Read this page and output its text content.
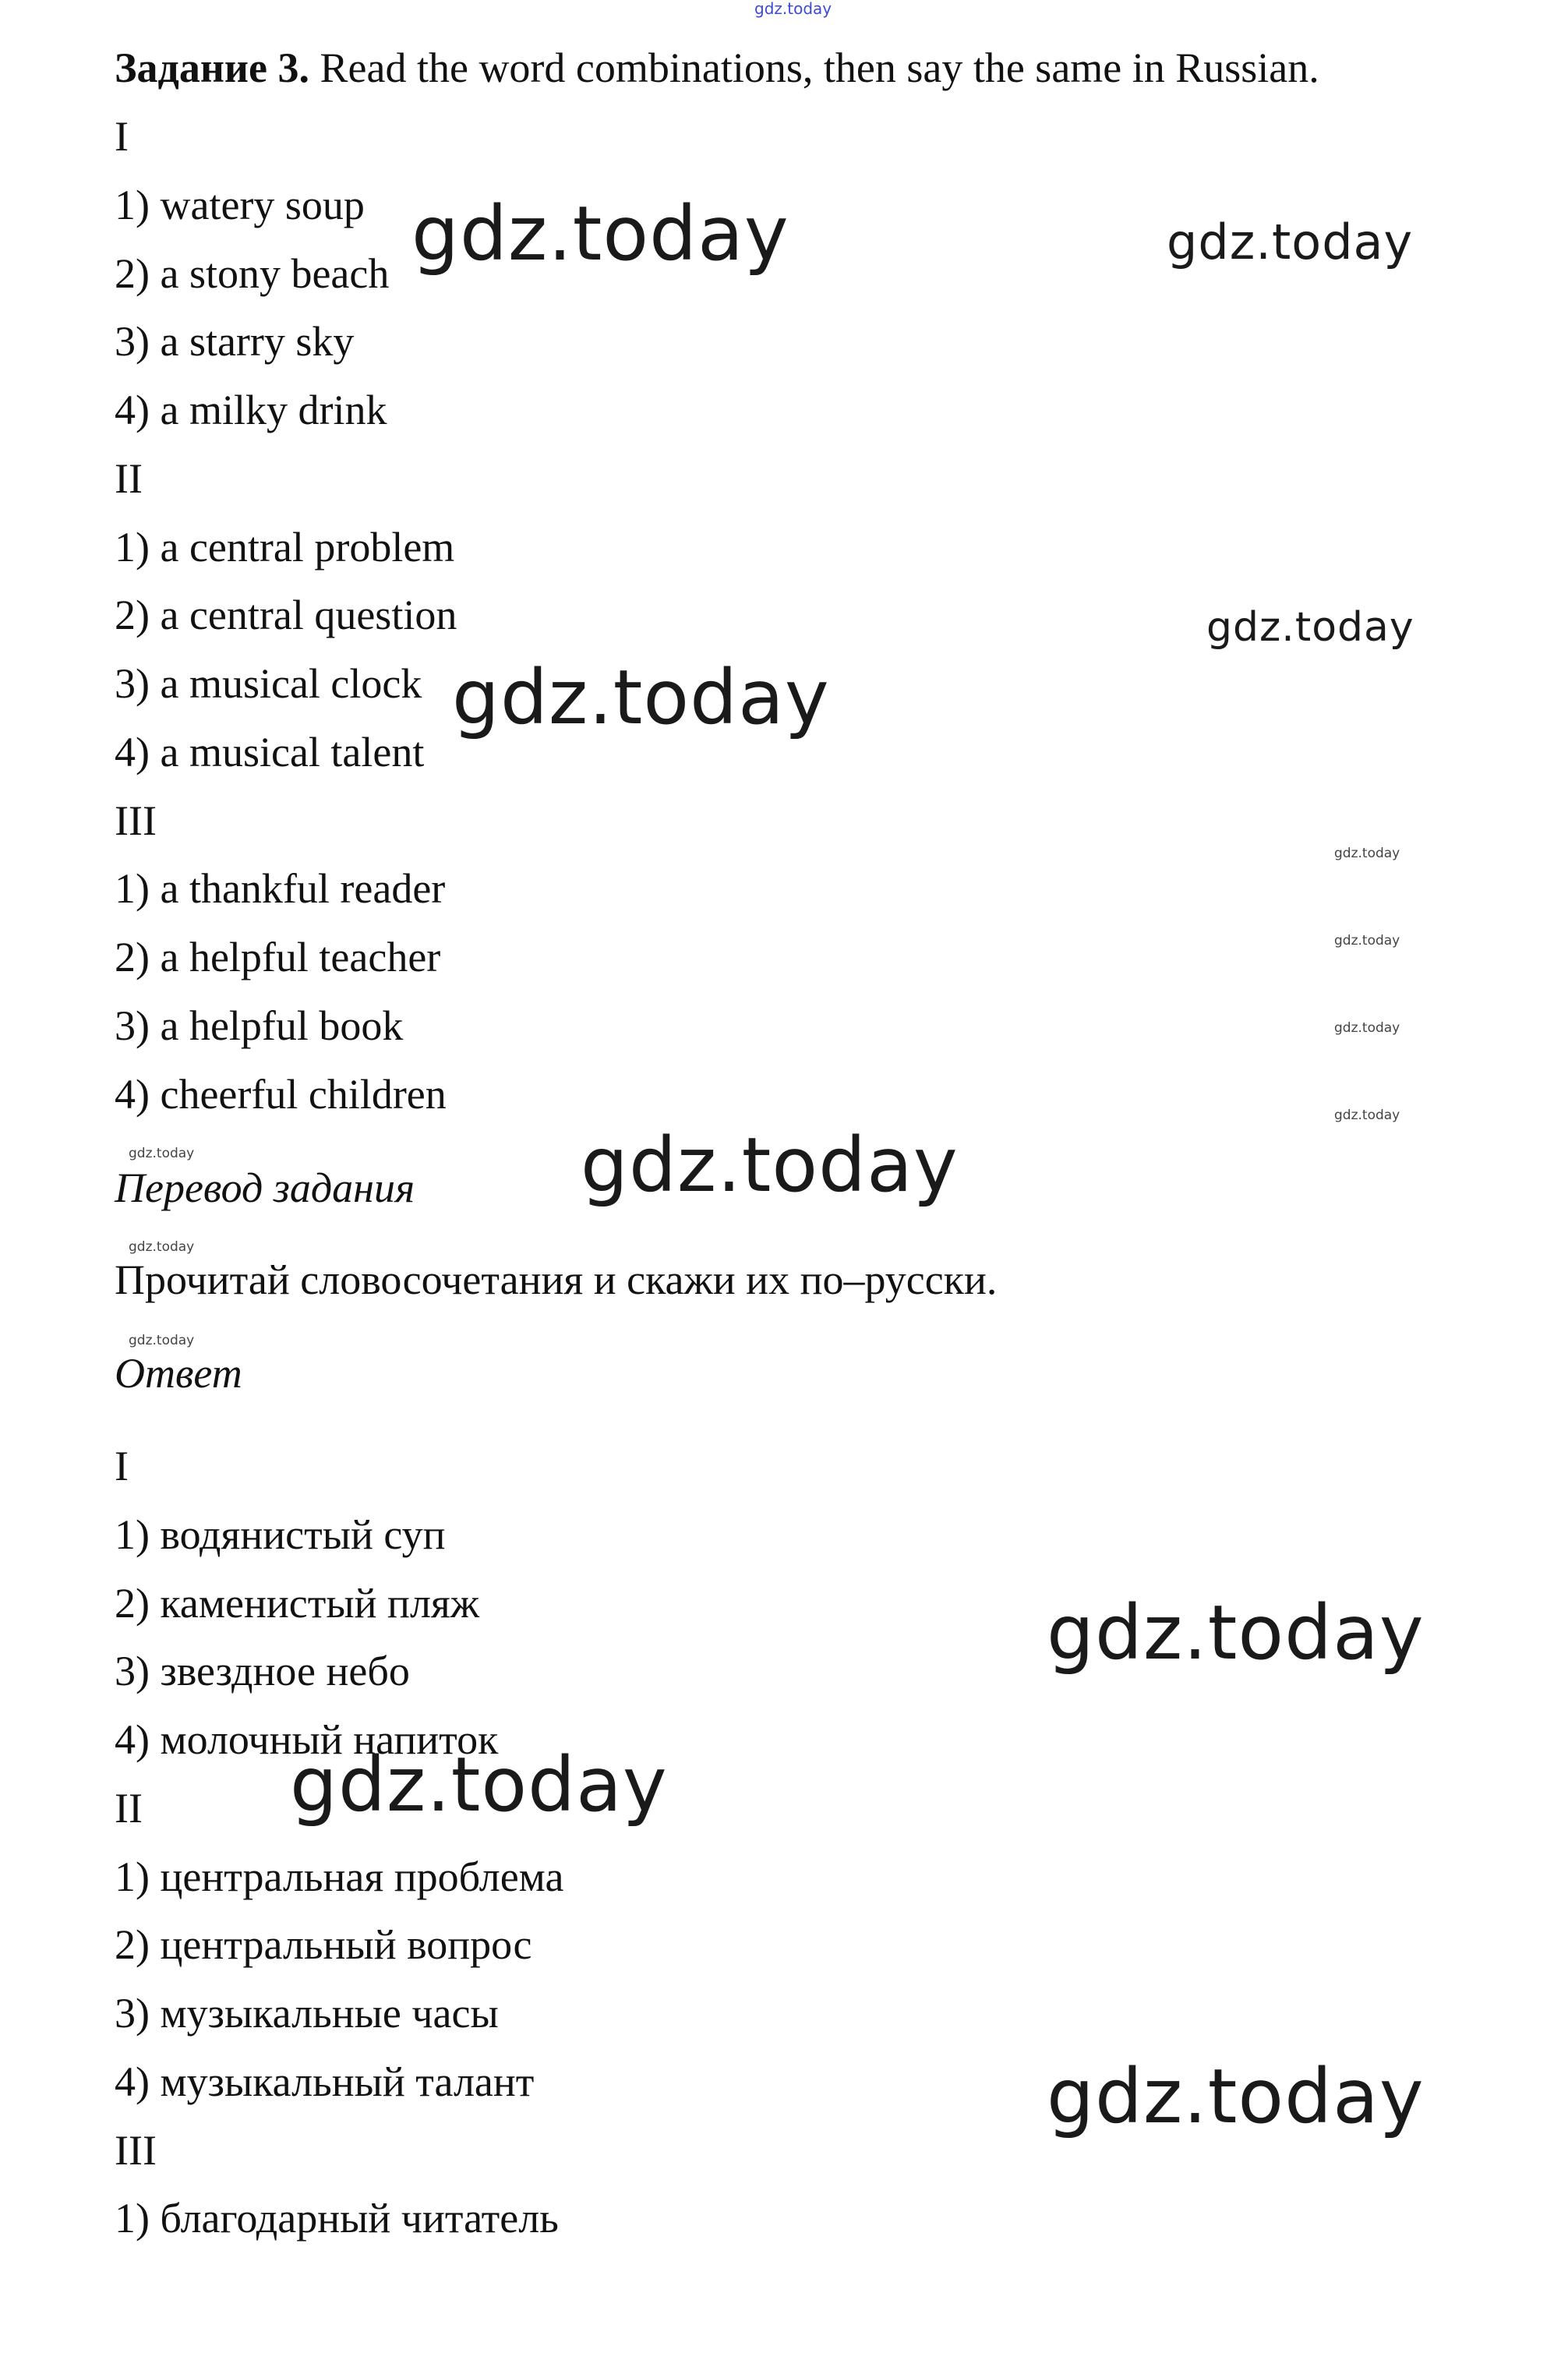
gdz.today
Задание 3. Read the word combinations, then say the same in Russian.
I
1) watery soup
2) a stony beach
3) a starry sky
4) a milky drink
II
1) a central problem
2) a central question
3) a musical clock
4) a musical talent
III
1) a thankful reader
2) a helpful teacher
3) a helpful book
4) cheerful children
Перевод задания
Прочитай словосочетания и скажи их по–русски.
Ответ
I
1) водянистый суп
2) каменистый пляж
3) звездное небо
4) молочный напиток
II
1) центральная проблема
2) центральный вопрос
3) музыкальные часы
4) музыкальный талант
III
1) благодарный читатель
gdz.today	gdz.today
gdz.today
gdz.today
gdz.today
gdz.today
gdz.today
gdz.today
gdz.today	gdz.today
gdz.today
gdz.today
gdz.today
gdz.today
gdz.today
